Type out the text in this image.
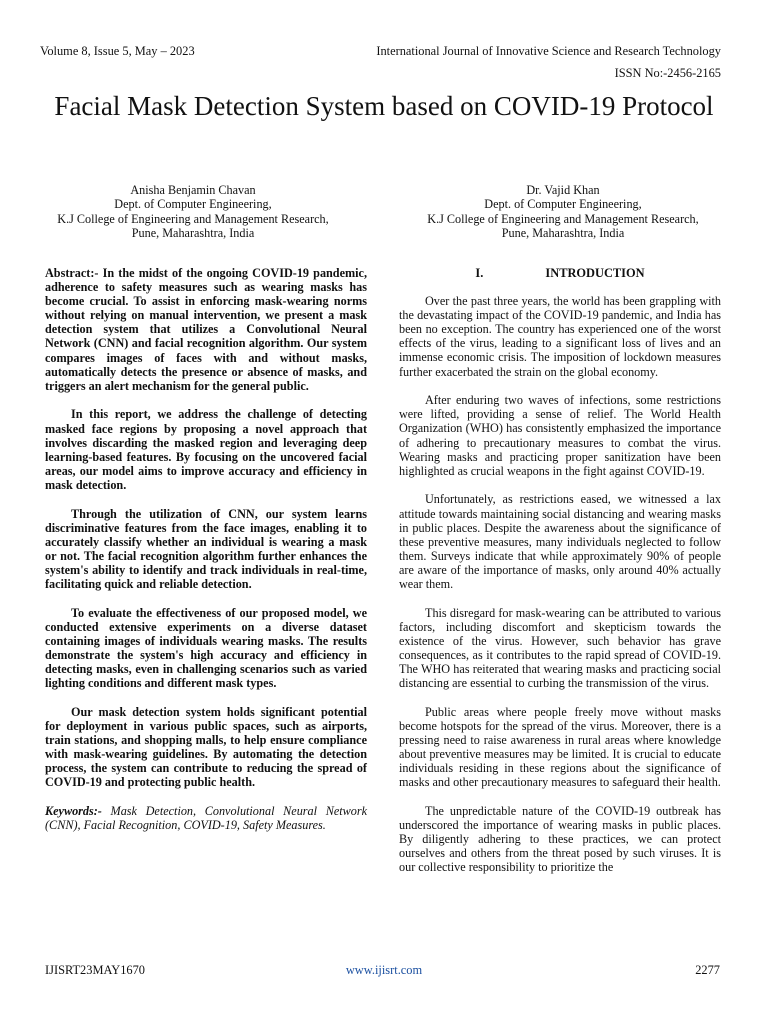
Volume 8, Issue 5, May – 2023	International Journal of Innovative Science and Research Technology
ISSN No:-2456-2165
Facial Mask Detection System based on COVID-19 Protocol
Anisha Benjamin Chavan
Dept. of Computer Engineering,
K.J College of Engineering and Management Research,
Pune, Maharashtra, India
Dr. Vajid Khan
Dept. of Computer Engineering,
K.J College of Engineering and Management Research,
Pune, Maharashtra, India

Abstract:- In the midst of the ongoing COVID-19 pandemic, adherence to safety measures such as wearing masks has become crucial. To assist in enforcing mask-wearing norms without relying on manual intervention, we present a mask detection system that utilizes a Convolutional Neural Network (CNN) and facial recognition algorithm. Our system compares images of faces with and without masks, automatically detects the presence or absence of masks, and triggers an alert mechanism for the general public.

In this report, we address the challenge of detecting masked face regions by proposing a novel approach that involves discarding the masked region and leveraging deep learning-based features. By focusing on the uncovered facial areas, our model aims to improve accuracy and efficiency in mask detection.

Through the utilization of CNN, our system learns discriminative features from the face images, enabling it to accurately classify whether an individual is wearing a mask or not. The facial recognition algorithm further enhances the system's ability to identify and track individuals in real-time, facilitating quick and reliable detection.

To evaluate the effectiveness of our proposed model, we conducted extensive experiments on a diverse dataset containing images of individuals wearing masks. The results demonstrate the system's high accuracy and efficiency in detecting masks, even in challenging scenarios such as varied lighting conditions and different mask types.

Our mask detection system holds significant potential for deployment in various public spaces, such as airports, train stations, and shopping malls, to help ensure compliance with mask-wearing guidelines. By automating the detection process, the system can contribute to reducing the spread of COVID-19 and protecting public health.

Keywords:- Mask Detection, Convolutional Neural Network (CNN), Facial Recognition, COVID-19, Safety Measures.

I.	INTRODUCTION

Over the past three years, the world has been grappling with the devastating impact of the COVID-19 pandemic, and India has been no exception. The country has experienced one of the worst effects of the virus, leading to a significant loss of lives and an immense economic crisis. The imposition of lockdown measures further exacerbated the strain on the global economy.

After enduring two waves of infections, some restrictions were lifted, providing a sense of relief. The World Health Organization (WHO) has consistently emphasized the importance of adhering to precautionary measures to combat the virus. Wearing masks and practicing proper sanitization have been highlighted as crucial weapons in the fight against COVID-19.

Unfortunately, as restrictions eased, we witnessed a lax attitude towards maintaining social distancing and wearing masks in public places. Despite the awareness about the significance of these preventive measures, many individuals neglected to follow them. Surveys indicate that while approximately 90% of people are aware of the importance of masks, only around 40% actually wear them.

This disregard for mask-wearing can be attributed to various factors, including discomfort and skepticism towards the existence of the virus. However, such behavior has grave consequences, as it contributes to the rapid spread of COVID-19. The WHO has reiterated that wearing masks and practicing social distancing are essential to curbing the transmission of the virus.

Public areas where people freely move without masks become hotspots for the spread of the virus. Moreover, there is a pressing need to raise awareness in rural areas where knowledge about preventive measures may be limited. It is crucial to educate individuals residing in these regions about the significance of masks and other precautionary measures to safeguard their health.

The unpredictable nature of the COVID-19 outbreak has underscored the importance of wearing masks in public places. By diligently adhering to these practices, we can protect ourselves and others from the threat posed by such viruses. It is our collective responsibility to prioritize the

IJISRT23MAY1670	www.ijisrt.com	2277
